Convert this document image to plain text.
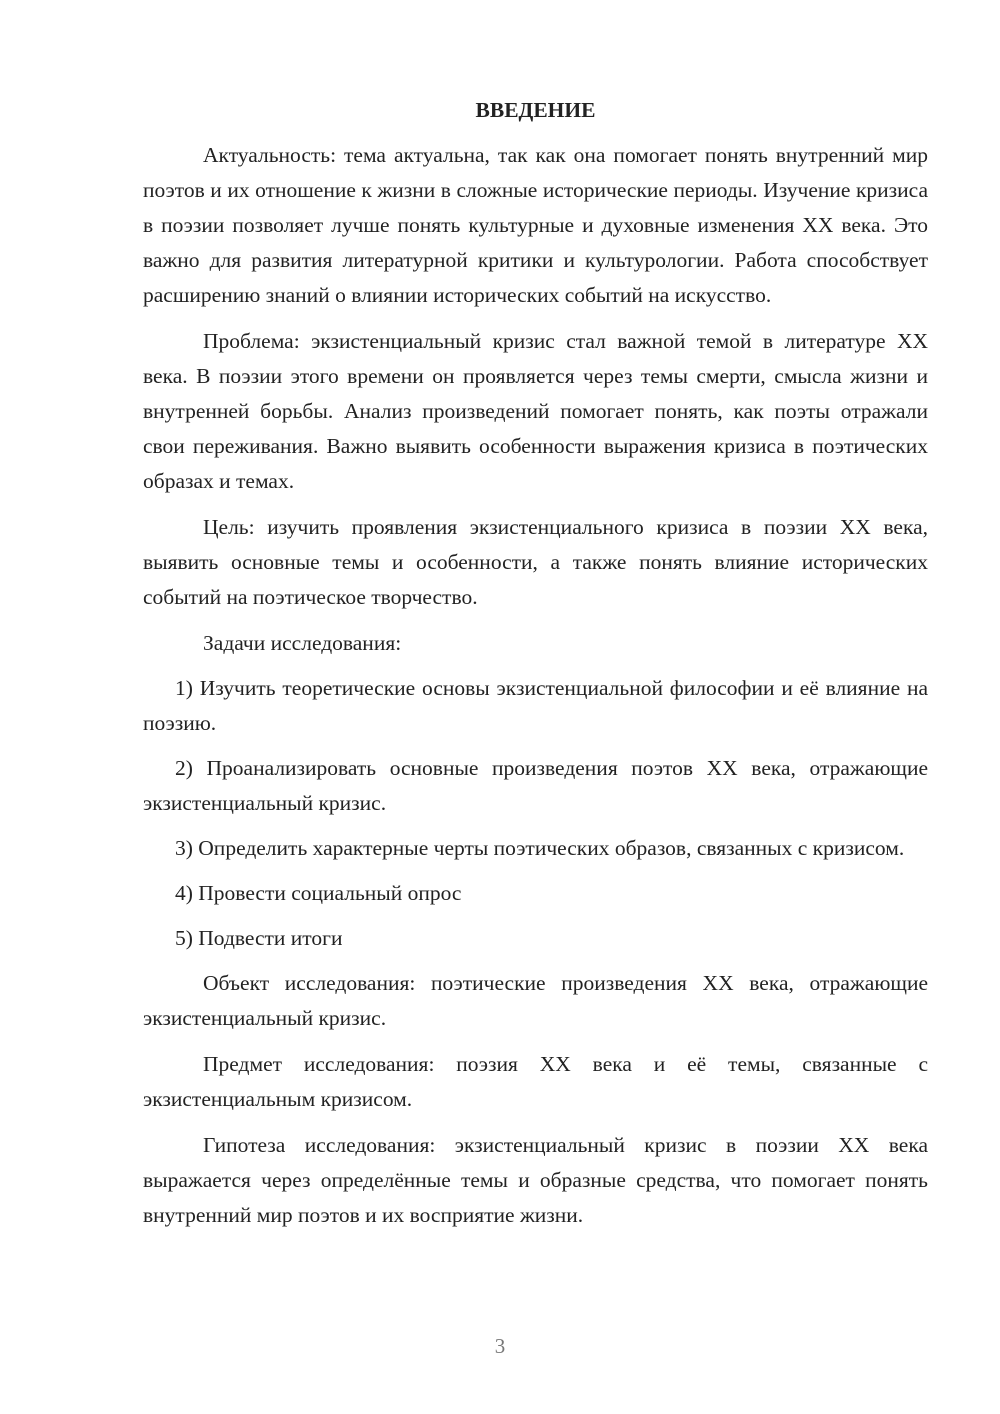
ВВЕДЕНИЕ

Актуальность: тема актуальна, так как она помогает понять внутренний мир поэтов и их отношение к жизни в сложные исторические периоды. Изучение кризиса в поэзии позволяет лучше понять культурные и духовные изменения XX века. Это важно для развития литературной критики и культурологии. Работа способствует расширению знаний о влиянии исторических событий на искусство.

Проблема: экзистенциальный кризис стал важной темой в литературе XX века. В поэзии этого времени он проявляется через темы смерти, смысла жизни и внутренней борьбы. Анализ произведений помогает понять, как поэты отражали свои переживания. Важно выявить особенности выражения кризиса в поэтических образах и темах.

Цель: изучить проявления экзистенциального кризиса в поэзии XX века, выявить основные темы и особенности, а также понять влияние исторических событий на поэтическое творчество.

Задачи исследования:

1) Изучить теоретические основы экзистенциальной философии и её влияние на поэзию.

2) Проанализировать основные произведения поэтов XX века, отражающие экзистенциальный кризис.

3) Определить характерные черты поэтических образов, связанных с кризисом.

4) Провести социальный опрос

5) Подвести итоги

Объект исследования: поэтические произведения XX века, отражающие экзистенциальный кризис.

Предмет исследования: поэзия XX века и её темы, связанные с экзистенциальным кризисом.

Гипотеза исследования: экзистенциальный кризис в поэзии XX века выражается через определённые темы и образные средства, что помогает понять внутренний мир поэтов и их восприятие жизни.

3
